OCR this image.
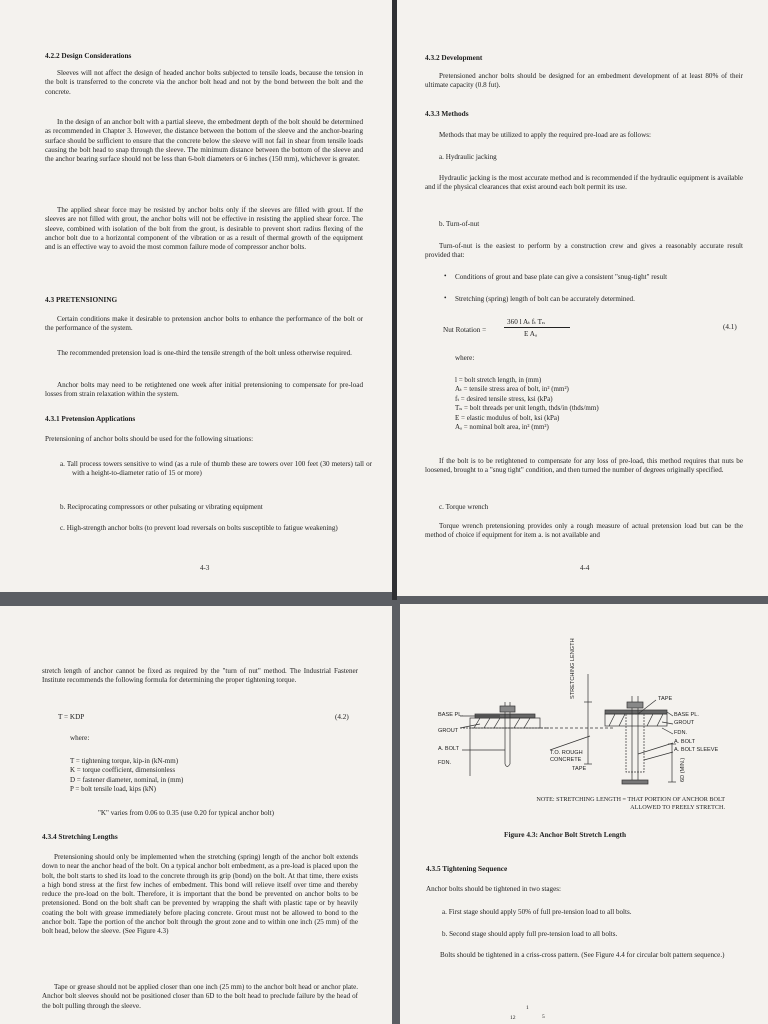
4.2.2 Design Considerations

Sleeves will not affect the design of headed anchor bolts subjected to tensile loads, because the tension in the bolt is transferred to the concrete via the anchor bolt head and not by the bond between the bolt and the concrete.

In the design of an anchor bolt with a partial sleeve, the embedment depth of the bolt should be determined as recommended in Chapter 3. However, the distance between the bottom of the sleeve and the anchor-bearing surface should be sufficient to ensure that the concrete below the sleeve will not fail in shear from tensile loads causing the bolt head to snap through the sleeve. The minimum distance between the bottom of the sleeve and the anchor bearing surface should not be less than 6-bolt diameters or 6 inches (150 mm), whichever is greater.

The applied shear force may be resisted by anchor bolts only if the sleeves are filled with grout. If the sleeves are not filled with grout, the anchor bolts will not be effective in resisting the applied shear force. The sleeve, combined with isolation of the bolt from the grout, is desirable to prevent short radius flexing of the anchor bolt due to a horizontal component of the vibration or as a result of thermal growth of the equipment and is an effective way to avoid the most common failure mode of compressor anchor bolts.

4.3 PRETENSIONING

Certain conditions make it desirable to pretension anchor bolts to enhance the performance of the bolt or the performance of the system.

The recommended pretension load is one-third the tensile strength of the bolt unless otherwise required.

Anchor bolts may need to be retightened one week after initial pretensioning to compensate for pre-load losses from strain relaxation within the system.

4.3.1 Pretension Applications

Pretensioning of anchor bolts should be used for the following situations:

a. Tall process towers sensitive to wind (as a rule of thumb these are towers over 100 feet (30 meters) tall or with a height-to-diameter ratio of 15 or more)

b. Reciprocating compressors or other pulsating or vibrating equipment

c. High-strength anchor bolts (to prevent load reversals on bolts susceptible to fatigue weakening)

4-3
4.3.2 Development

Pretensioned anchor bolts should be designed for an embedment development of at least 80% of their ultimate capacity (0.8 fut).

4.3.3 Methods

Methods that may be utilized to apply the required pre-load are as follows:

a. Hydraulic jacking

Hydraulic jacking is the most accurate method and is recommended if the hydraulic equipment is available and if the physical clearances that exist around each bolt permit its use.

b. Turn-of-nut

Turn-of-nut is the easiest to perform by a construction crew and gives a reasonably accurate result provided that:

• Conditions of grout and base plate can give a consistent "snug-tight" result

• Stretching (spring) length of bolt can be accurately determined.

Nut Rotation =
360 l Aₜ fₜ Tₙ
E Aₐ
(4.1)
where:
l = bolt stretch length, in (mm)
Aₜ = tensile stress area of bolt, in² (mm²)
fₜ = desired tensile stress, ksi (kPa)
Tₙ = bolt threads per unit length, thds/in (thds/mm)
E = elastic modulus of bolt, ksi (kPa)
Aₐ = nominal bolt area, in² (mm²)

If the bolt is to be retightened to compensate for any loss of pre-load, this method requires that nuts be loosened, brought to a "snug tight" condition, and then turned the number of degrees originally specified.

c. Torque wrench

Torque wrench pretensioning provides only a rough measure of actual pretension load but can be the method of choice if equipment for item a. is not available and

4-4

stretch length of anchor cannot be fixed as required by the "turn of nut" method. The Industrial Fastener Institute recommends the following formula for determining the proper tightening torque.

T = KDP	(4.2)
where:
T = tightening torque, kip-in (kN-mm)
K = torque coefficient, dimensionless
D = fastener diameter, nominal, in (mm)
P = bolt tensile load, kips (kN)
"K" varies from 0.06 to 0.35 (use 0.20 for typical anchor bolt)
4.3.4 Stretching Lengths

Pretensioning should only be implemented when the stretching (spring) length of the anchor bolt extends down to near the anchor head of the bolt. On a typical anchor bolt embedment, as a pre-load is placed upon the bolt, the bolt starts to shed its load to the concrete through its grip (bond) on the bolt. At that time, there exists a high bond stress at the first few inches of embedment. This bond will relieve itself over time and thereby reduce the pre-load on the bolt. Therefore, it is important that the bond be prevented on anchor bolts to be pretensioned. Bond on the bolt shaft can be prevented by wrapping the shaft with plastic tape or by heavily coating the bolt with grease immediately before placing concrete. Grout must not be allowed to bond to the anchor bolt. Tape the portion of the anchor bolt through the grout zone and to within one inch (25 mm) of the bolt head, below the sleeve. (See Figure 4.3)

Tape or grease should not be applied closer than one inch (25 mm) to the anchor bolt head or anchor plate. Anchor bolt sleeves should not be positioned closer than 6D to the bolt head to preclude failure by the head of the bolt pulling through the sleeve.

STRETCHING LENGTH	TAPE
BASE PL.
GROUT
A. BOLT
FDN.
T.O. ROUGH CONCRETE
TAPE
BASE PL.
GROUT
FDN.
A. BOLT
A. BOLT SLEEVE
6D (MIN.)
NOTE: STRETCHING LENGTH = THAT PORTION OF ANCHOR BOLT ALLOWED TO FREELY STRETCH.
Figure 4.3: Anchor Bolt Stretch Length
4.3.5 Tightening Sequence

Anchor bolts should be tightened in two stages:

a. First stage should apply 50% of full pre-tension load to all bolts.

b. Second stage should apply full pre-tension load to all bolts.

Bolts should be tightened in a criss-cross pattern. (See Figure 4.4 for circular bolt pattern sequence.)

12
1
5
